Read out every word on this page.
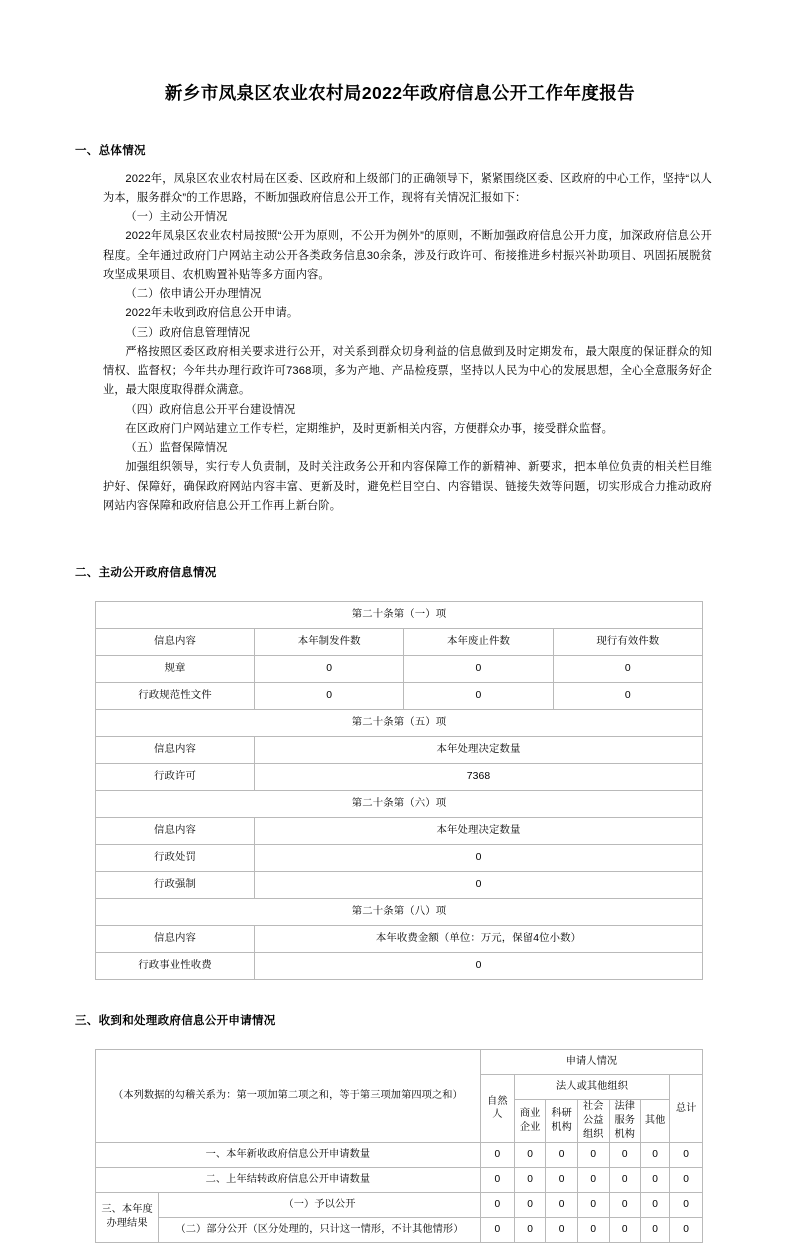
新乡市凤泉区农业农村局2022年政府信息公开工作年度报告
一、总体情况

2022年，凤泉区农业农村局在区委、区政府和上级部门的正确领导下，紧紧围绕区委、区政府的中心工作，坚持“以人为本，服务群众”的工作思路，不断加强政府信息公开工作，现将有关情况汇报如下：

（一）主动公开情况

2022年凤泉区农业农村局按照“公开为原则，不公开为例外”的原则，不断加强政府信息公开力度，加深政府信息公开程度。全年通过政府门户网站主动公开各类政务信息30余条，涉及行政许可、衔接推进乡村振兴补助项目、巩固拓展脱贫攻坚成果项目、农机购置补贴等多方面内容。

（二）依申请公开办理情况

2022年未收到政府信息公开申请。

（三）政府信息管理情况

严格按照区委区政府相关要求进行公开，对关系到群众切身利益的信息做到及时定期发布，最大限度的保证群众的知情权、监督权；今年共办理行政许可7368项，多为产地、产品检疫票，坚持以人民为中心的发展思想，全心全意服务好企业，最大限度取得群众满意。

（四）政府信息公开平台建设情况

在区政府门户网站建立工作专栏，定期维护，及时更新相关内容，方便群众办事，接受群众监督。

（五）监督保障情况

加强组织领导，实行专人负责制，及时关注政务公开和内容保障工作的新精神、新要求，把本单位负责的相关栏目维护好、保障好，确保政府网站内容丰富、更新及时，避免栏目空白、内容错误、链接失效等问题，切实形成合力推动政府网站内容保障和政府信息公开工作再上新台阶。

二、主动公开政府信息情况
第二十条第（一）项			
信息内容	本年制发件数	本年废止件数	现行有效件数
规章	0	0	0
行政规范性文件	0	0	0
第二十条第（五）项			
信息内容	本年处理决定数量		
行政许可	7368		
第二十条第（六）项			
信息内容	本年处理决定数量		
行政处罚	0		
行政强制	0		
第二十条第（八）项			
信息内容	本年收费金额（单位：万元，保留4位小数）		
行政事业性收费	0		
三、收到和处理政府信息公开申请情况
（本列数据的勾稽关系为：第一项加第二项之和，等于第三项加第四项之和）		申请人情况						
		自然人	法人或其他组织					总计
			商业企业	科研机构	社会公益组织	法律服务机构	其他	
一、本年新收政府信息公开申请数量		0	0	0	0	0	0	0
二、上年结转政府信息公开申请数量		0	0	0	0	0	0	0
三、本年度办理结果	（一）予以公开	0	0	0	0	0	0	0
	（二）部分公开（区分处理的，只计这一情形，不计其他情形）	0	0	0	0	0	0	0
